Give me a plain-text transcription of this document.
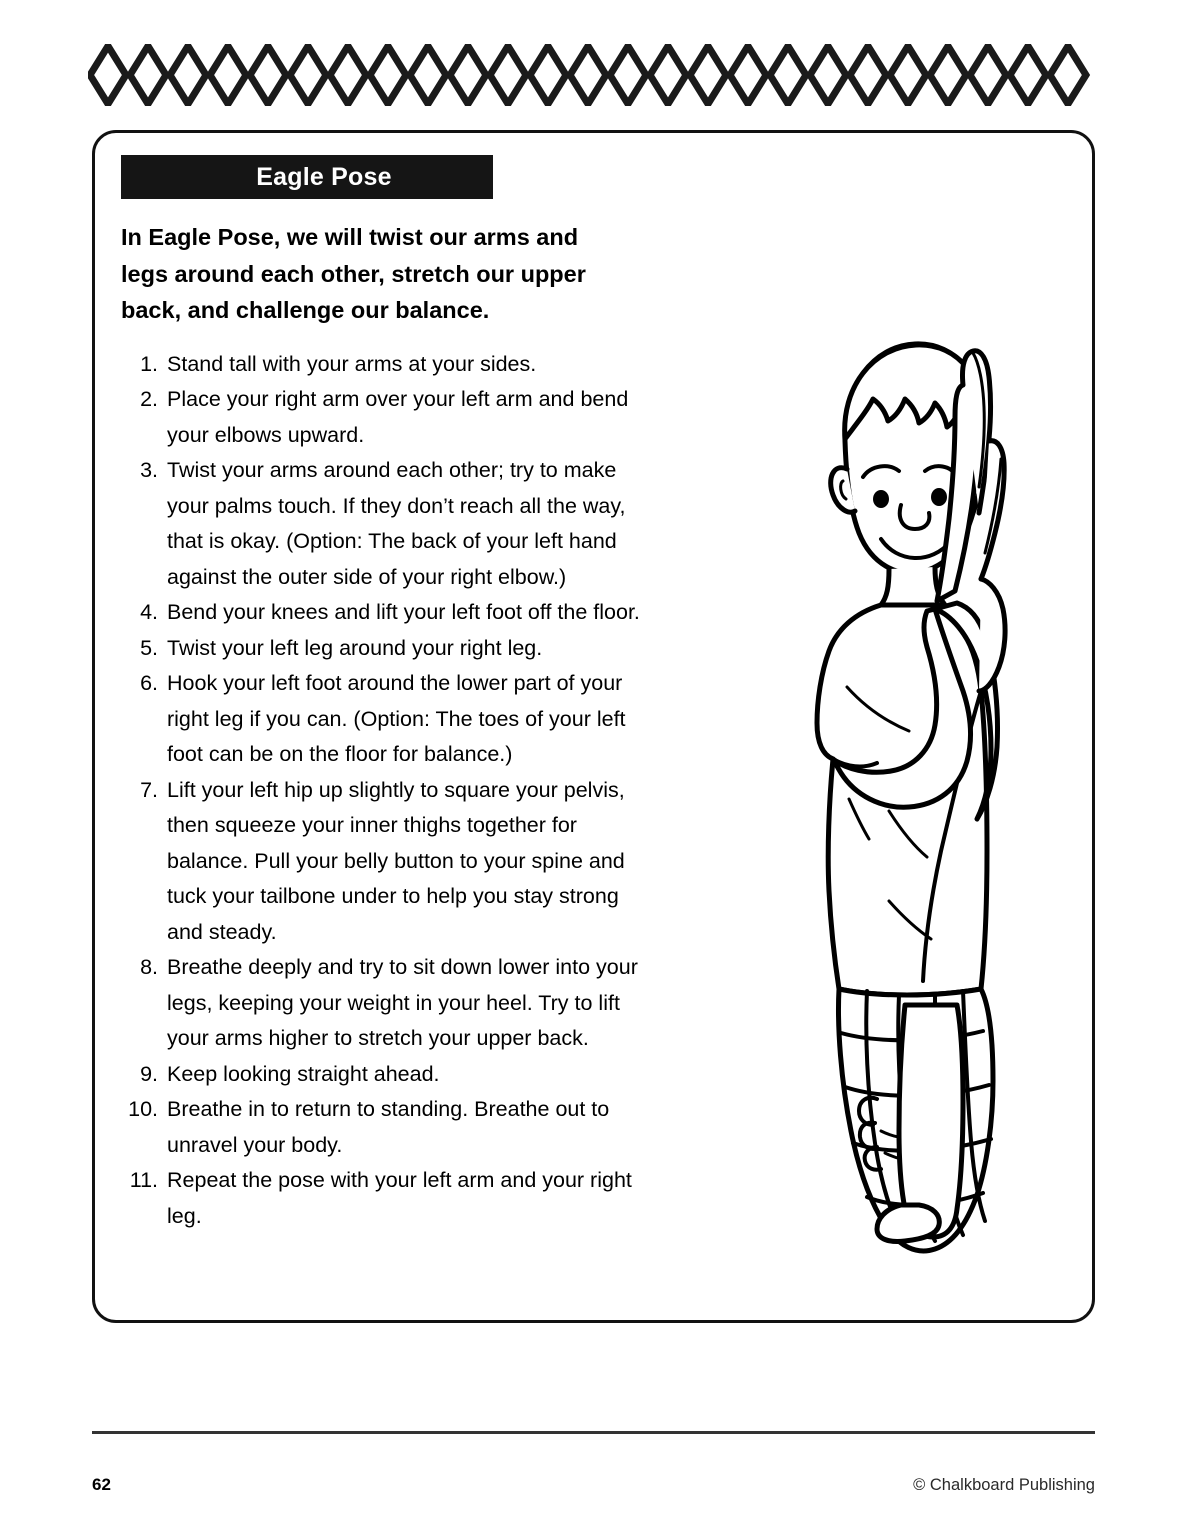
Eagle Pose

In Eagle Pose, we will twist our arms and legs around each other, stretch our upper back, and challenge our balance.

1. Stand tall with your arms at your sides.
2. Place your right arm over your left arm and bend your elbows upward.
3. Twist your arms around each other; try to make your palms touch. If they don’t reach all the way, that is okay. (Option: The back of your left hand against the outer side of your right elbow.)
4. Bend your knees and lift your left foot off the floor.
5. Twist your left leg around your right leg.
6. Hook your left foot around the lower part of your right leg if you can. (Option: The toes of your left foot can be on the floor for balance.)
7. Lift your left hip up slightly to square your pelvis, then squeeze your inner thighs together for balance. Pull your belly button to your spine and tuck your tailbone under to help you stay strong and steady.
8. Breathe deeply and try to sit down lower into your legs, keeping your weight in your heel. Try to lift your arms higher to stretch your upper back.
9. Keep looking straight ahead.
10. Breathe in to return to standing. Breathe out to unravel your body.
11. Repeat the pose with your left arm and your right leg.
62	© Chalkboard Publishing
